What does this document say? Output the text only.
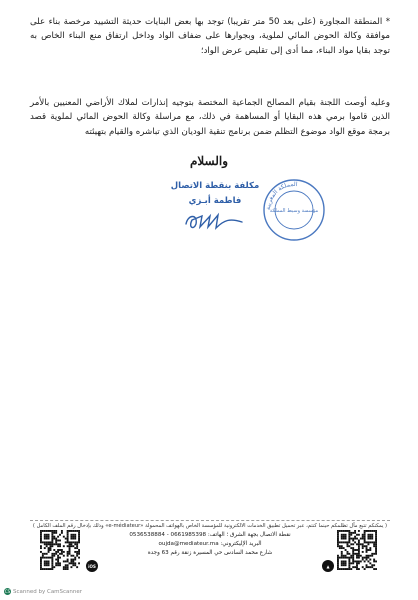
* المنطقة المجاورة (على بعد 50 متر تقريبا) توجد بها بعض البنايات حديثة التشييد مرخصة بناء على موافقة وكالة الحوض المائي لملوية، وبجوارها على ضفاف الواد وداخل ارتفاق منع البناء الخاص به توجد بقايا مواد البناء، مما أدى إلى تقليص عرض الواد؛

وعليه أوصت اللجنة بقيام المصالح الجماعية المختصة بتوجيه إنذارات لملاك الأراضي المعنيين بالأمر الذين قاموا برمي هذه البقايا أو المساهمة في ذلك، مع مراسلة وكالة الحوض المائي لملوية قصد برمجة موقع الواد موضوع التظلم ضمن برنامج تنقية الوديان الذي تباشره والقيام بتهيئته

والسلام
مكلفة بنقطة الاتصال
فاطمة أبـزي
المملكة المغربية
مؤسسة وسيط المملكة
( يمكنكم تتبع مآل تظلمكم حينما كنتم، عبر تحميل تطبيق الخدمات الالكترونية للمؤسسة الخاص بالهواتف المحمولة «e-médiateur» وذلك بإدخال رقم الملف الكامل )
نقطة الاتصال بجهة الشرق ؛ الهاتف: 0661985398 - 0536538884
البريد الإليكتروني: oujda@mediateur.ma
شارع محمد السادس حي المسيرة زنقة رقم 63 وجدة
iOS	▲
CS Scanned by CamScanner
